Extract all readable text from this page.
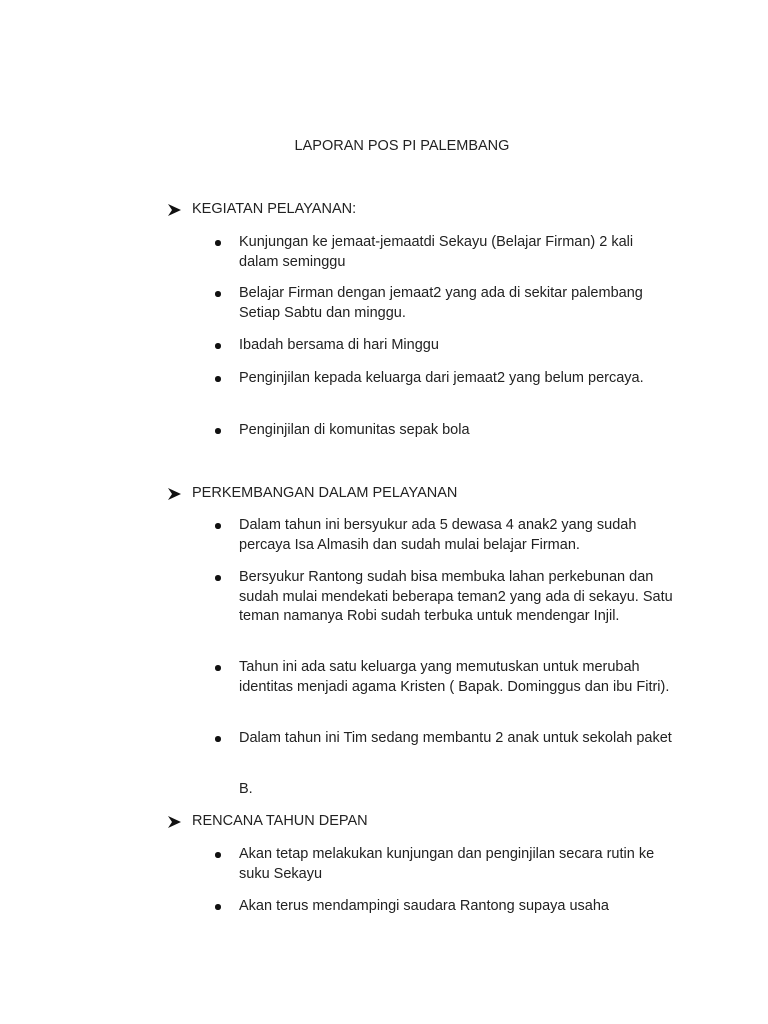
LAPORAN POS PI PALEMBANG
KEGIATAN PELAYANAN:
Kunjungan ke jemaat-jemaatdi Sekayu (Belajar Firman) 2 kali dalam seminggu
Belajar Firman dengan jemaat2 yang ada di sekitar palembang Setiap Sabtu dan minggu.
Ibadah bersama di hari Minggu
Penginjilan kepada keluarga dari jemaat2 yang belum percaya.
Penginjilan di komunitas sepak bola
PERKEMBANGAN DALAM PELAYANAN
Dalam tahun ini bersyukur ada 5 dewasa 4 anak2 yang sudah percaya Isa Almasih dan sudah mulai belajar Firman.
Bersyukur Rantong sudah bisa membuka lahan perkebunan dan sudah mulai mendekati beberapa teman2 yang ada di sekayu. Satu teman namanya Robi sudah terbuka untuk mendengar Injil.
Tahun ini ada satu keluarga yang memutuskan untuk merubah identitas menjadi agama Kristen ( Bapak. Dominggus dan ibu Fitri).
Dalam tahun ini Tim sedang membantu 2 anak untuk sekolah paket
B.
RENCANA TAHUN DEPAN
Akan tetap melakukan kunjungan dan penginjilan secara rutin ke suku Sekayu
Akan terus mendampingi saudara Rantong supaya usaha
